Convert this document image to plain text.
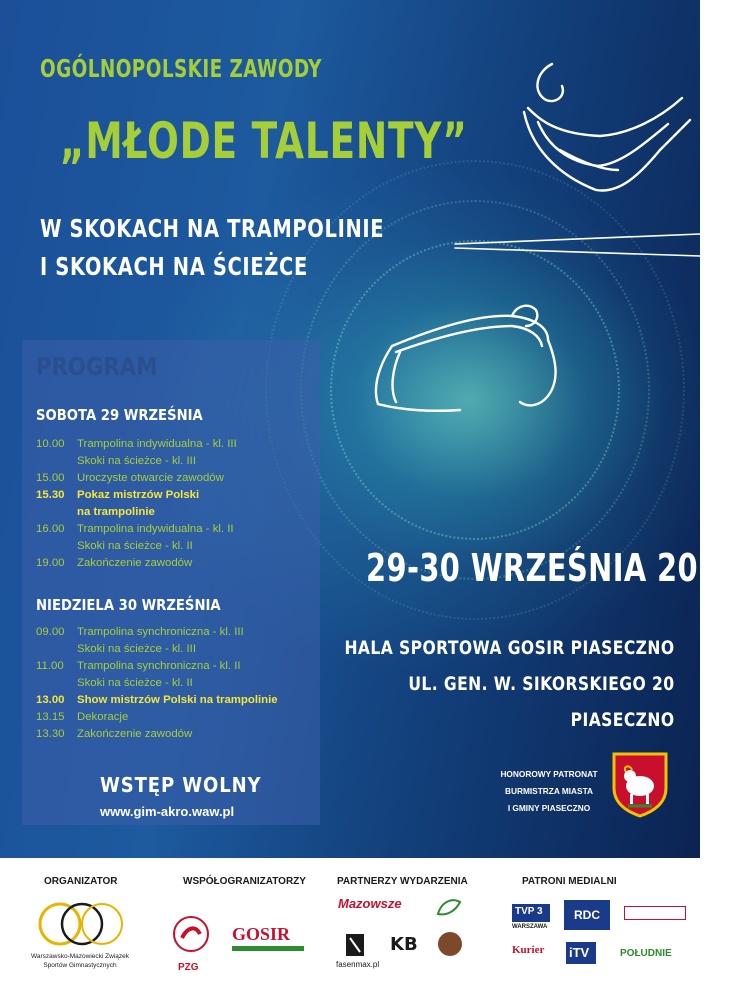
OGÓLNOPOLSKIE ZAWODY
„MŁODE TALENTY”
W SKOKACH NA TRAMPOLINIE
I SKOKACH NA ŚCIEŻCE
PROGRAM
SOBOTA 29 WRZEŚNIA
10.00	Trampolina indywidualna - kl. III
Skoki na ścieżce - kl. III
15.00	Uroczyste otwarcie zawodów
15.30	Pokaz mistrzów Polski
na trampolinie
16.00	Trampolina indywidualna - kl. II
Skoki na ścieżce - kl. II
19.00	Zakończenie zawodów
NIEDZIELA 30 WRZEŚNIA
09.00	Trampolina synchroniczna - kl. III
Skoki na ścieżce - kl. III
11.00	Trampolina synchroniczna - kl. II
Skoki na ścieżce - kl. II
13.00	Show mistrzów Polski na trampolinie
13.15	Dekoracje
13.30	Zakończenie zawodów
WSTĘP WOLNY
www.gim-akro.waw.pl
29-30 WRZEŚNIA 2018
HALA SPORTOWA GOSIR PIASECZNO
UL. GEN. W. SIKORSKIEGO 20
PIASECZNO
HONOROWY PATRONAT
BURMISTRZA MIASTA
I GMINY PIASECZNO
ORGANIZATOR	WSPÓŁOGRANIZATORZY	PARTNERZY WYDARZENIA	PATRONI MEDIALNI
Warszawsko-Mazowiecki Związek Sportów Gimnastycznych	PZG
GOSIR
Mazowsze
fasenmax.pl
KB
TVP 3
WARSZAWA
RDC
Kurier iTV	POŁUDNIE
